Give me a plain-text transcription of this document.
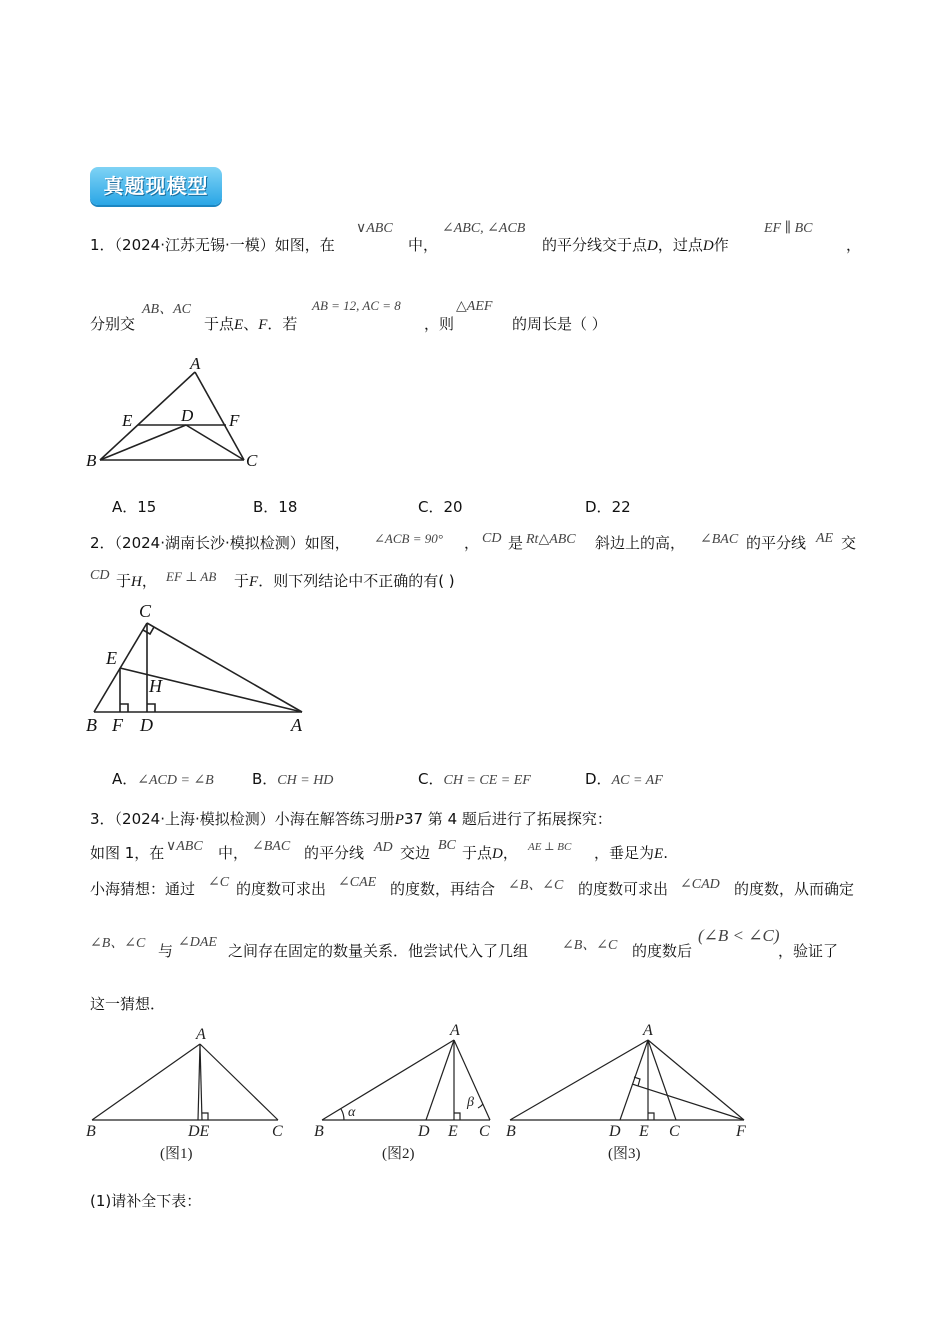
真题现模型
1．（2024·江苏无锡·一模）如图，在
∨ABC
中，
∠ABC, ∠ACB
的平分线交于点D，过点D作
EF ∥ BC
，
分别交
AB、AC
于点E、F．若
AB = 12, AC = 8
，则
△AEF
的周长是（ ）
A
B	C
D
E	F
A．15	B．18	C．20	D．22
2．（2024·湖南长沙·模拟检测）如图， ∠ACB = 90° ， CD 是 Rt△ABC 斜边上的高， ∠BAC 的平分线 AE 交
CD 于H， EF ⊥ AB 于F．则下列结论中不正确的有( )
C
E
H
B F D	A
A．∠ACD = ∠B	B．CH = HD	C．CH = CE = EF	D．AC = AF
3．（2024·上海·模拟检测）小海在解答练习册P37 第 4 题后进行了拓展探究：
如图 1，在 ∨ABC 中， ∠BAC 的平分线 AD 交边 BC 于点D， AE ⊥ BC ，垂足为E.
小海猜想：通过 ∠C 的度数可求出 ∠CAE 的度数，再结合 ∠B、∠C 的度数可求出 ∠CAD 的度数，从而确定
∠B、∠C 与 ∠DAE 之间存在固定的数量关系．他尝试代入了几组 ∠B、∠C 的度数后
(∠B < ∠C)
，验证了
这一猜想．
A
B	DE	C
A
B	D E C
α
β
A
B	D E C	F
(图1)	(图2)	(图3)
(1)请补全下表：
